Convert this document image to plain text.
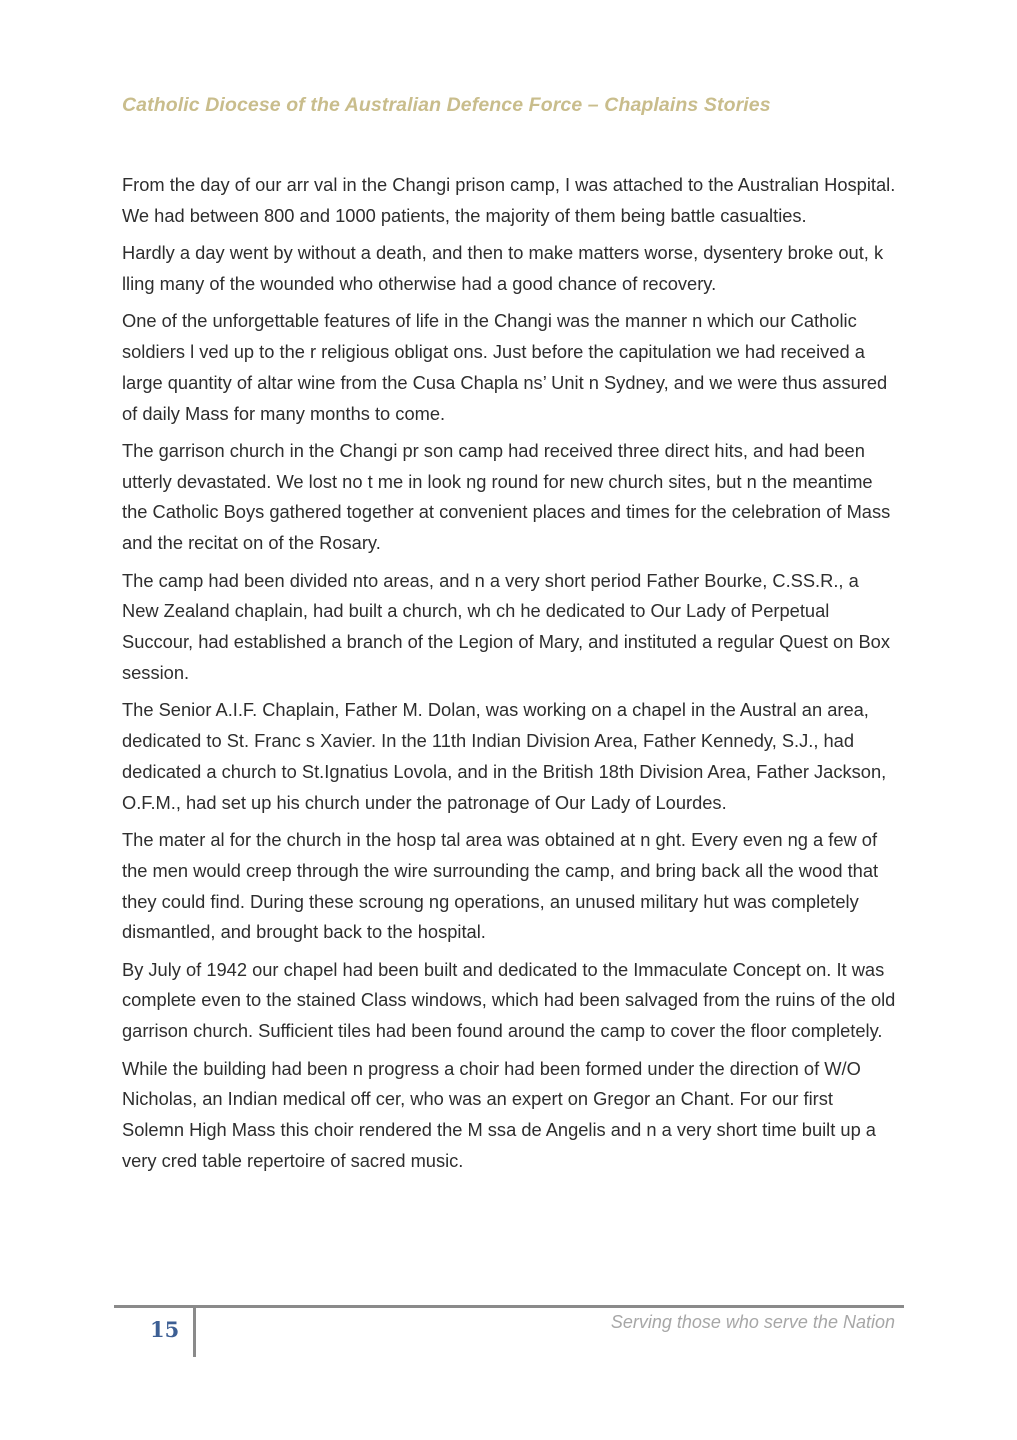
Catholic Diocese of the Australian Defence Force – Chaplains Stories

From the day of our arr val in the Changi prison camp, I was attached to the Australian Hospital. We had between 800 and 1000 patients, the majority of them being battle casualties.

Hardly a day went by without a death, and then to make matters worse, dysentery broke out, k lling many of the wounded who otherwise had a good chance of recovery.

One of the unforgettable features of life in the Changi was the manner n which our Catholic soldiers l ved up to the r religious obligat ons. Just before the capitulation we had received a large quantity of altar wine from the Cusa Chapla ns’ Unit n Sydney, and we were thus assured of daily Mass for many months to come.

The garrison church in the Changi pr son camp had received three direct hits, and had been utterly devastated. We lost no t me in look ng round for new church sites, but n the meantime the Catholic Boys gathered together at convenient places and times for the celebration of Mass and the recitat on of the Rosary.

The camp had been divided nto areas, and n a very short period Father Bourke, C.SS.R., a New Zealand chaplain, had built a church, wh ch he dedicated to Our Lady of Perpetual Succour, had established a branch of the Legion of Mary, and instituted a regular Quest on Box session.

The Senior A.I.F. Chaplain, Father M. Dolan, was working on a chapel in the Austral an area, dedicated to St. Franc s Xavier. In the 11th Indian Division Area, Father Kennedy, S.J., had dedicated a church to St.Ignatius Lovola, and in the British 18th Division Area, Father Jackson, O.F.M., had set up his church under the patronage of Our Lady of Lourdes.

The mater al for the church in the hosp tal area was obtained at n ght. Every even ng a few of the men would creep through the wire surrounding the camp, and bring back all the wood that they could find. During these scroung ng operations, an unused military hut was completely dismantled, and brought back to the hospital.

By July of 1942 our chapel had been built and dedicated to the Immaculate Concept on. It was complete even to the stained Class windows, which had been salvaged from the ruins of the old garrison church. Sufficient tiles had been found around the camp to cover the floor completely.

While the building had been n progress a choir had been formed under the direction of W/O Nicholas, an Indian medical off cer, who was an expert on Gregor an Chant. For our first Solemn High Mass this choir rendered the M ssa de Angelis and n a very short time built up a very cred table repertoire of sacred music.

15	Serving those who serve the Nation
